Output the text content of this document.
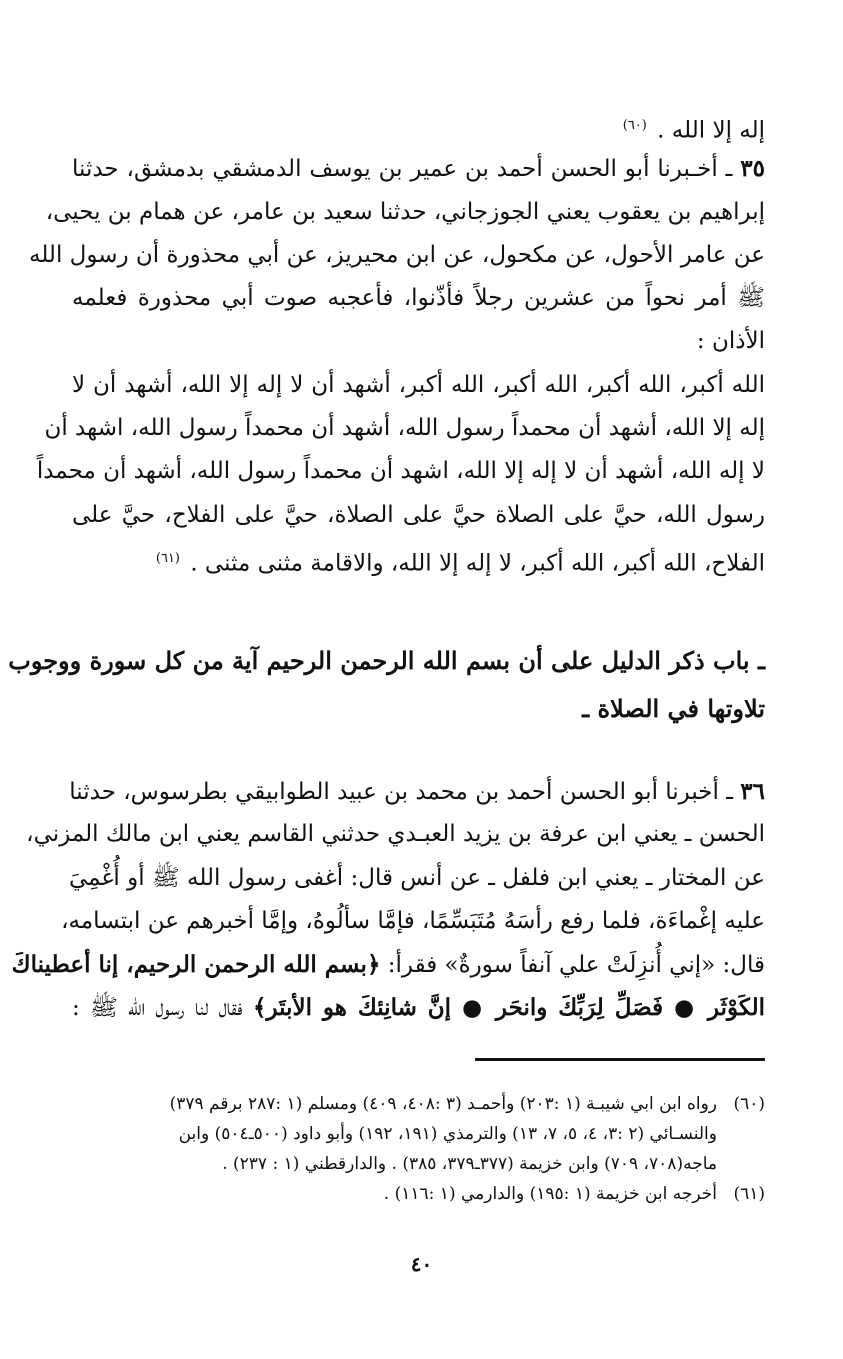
إله إلا الله . $^{(٦٠)}$
٣٥ ـ أخـبرنا أبو الحسن أحمد بن عمير بن يوسف الدمشقي بدمشق، حدثنا
إبراهيم بن يعقوب يعني الجوزجاني، حدثنا سعيد بن عامر، عن همام بن يحيى،
عن عامر الأحول، عن مكحول، عن ابن محيريز، عن أبي محذورة أن رسول الله
ﷺ أمر نحواً من عشرين رجلاً فأذّنوا، فأعجبه صوت أبي محذورة فعلمه
الأذان :
الله أكبر، الله أكبر، الله أكبر، الله أكبر، أشهد أن لا إله إلا الله، أشهد أن لا
إله إلا الله، أشهد أن محمداً رسول الله، أشهد أن محمداً رسول الله، اشهد أن
لا إله الله، أشهد أن لا إله إلا الله، اشهد أن محمداً رسول الله، أشهد أن محمداً
رسول الله، حيَّ على الصلاة حيَّ على الصلاة، حيَّ على الفلاح، حيَّ على
الفلاح، الله أكبر، الله أكبر، لا إله إلا الله، والاقامة مثنى مثنى . $^{(٦١)}$
ـ باب ذكر الدليل على أن بسم الله الرحمن الرحيم آية من كل سورة ووجوب
تلاوتها في الصلاة ـ
٣٦ ـ أخبرنا أبو الحسن أحمد بن محمد بن عبيد الطوابيقي بطرسوس، حدثنا
الحسن ـ يعني ابن عرفة بن يزيد العبـدي حدثني القاسم يعني ابن مالك المزني،
عن المختار ـ يعني ابن فلفل ـ عن أنس قال: أغفى رسول الله ﷺ أو أُغْمِيَ
عليه إغْماءَة، فلما رفع رأسَهُ مُتَبَسِّمًا، فإمَّا سألُوهُ، وإمَّا أخبرهم عن ابتسامه،
قال: «إني أُنزِلَتْ علي آنفاً سورةٌ» فقرأ: ﴿بسم الله الرحمن الرحيم، إنا أعطيناكَ
الكَوْثَر ● فَصَلِّ لِرَبِّكَ وانحَر ● إنَّ شانِئكَ هو الأبتَر﴾ فقال لنا رسول الله ﷺ :
(٦٠)
رواه ابن ابي شيبـة (١ :٢٠٣) وأحمـد (٣ :٤٠٨، ٤٠٩) ومسلم (١ :٢٨٧ برقم ٣٧٩)
والنسـائي (٢ :٣، ٤، ٥، ٧، ١٣) والترمذي (١٩١، ١٩٢) وأبو داود (٥٠٠ـ٥٠٤) وابن
ماجه(٧٠٨، ٧٠٩) وابن خزيمة (٣٧٧ـ٣٧٩، ٣٨٥) . والدارقطني (١ : ٢٣٧) .
(٦١)
أخرجه ابن خزيمة (١ :١٩٥) والدارمي (١ :١١٦) .
٤٠
